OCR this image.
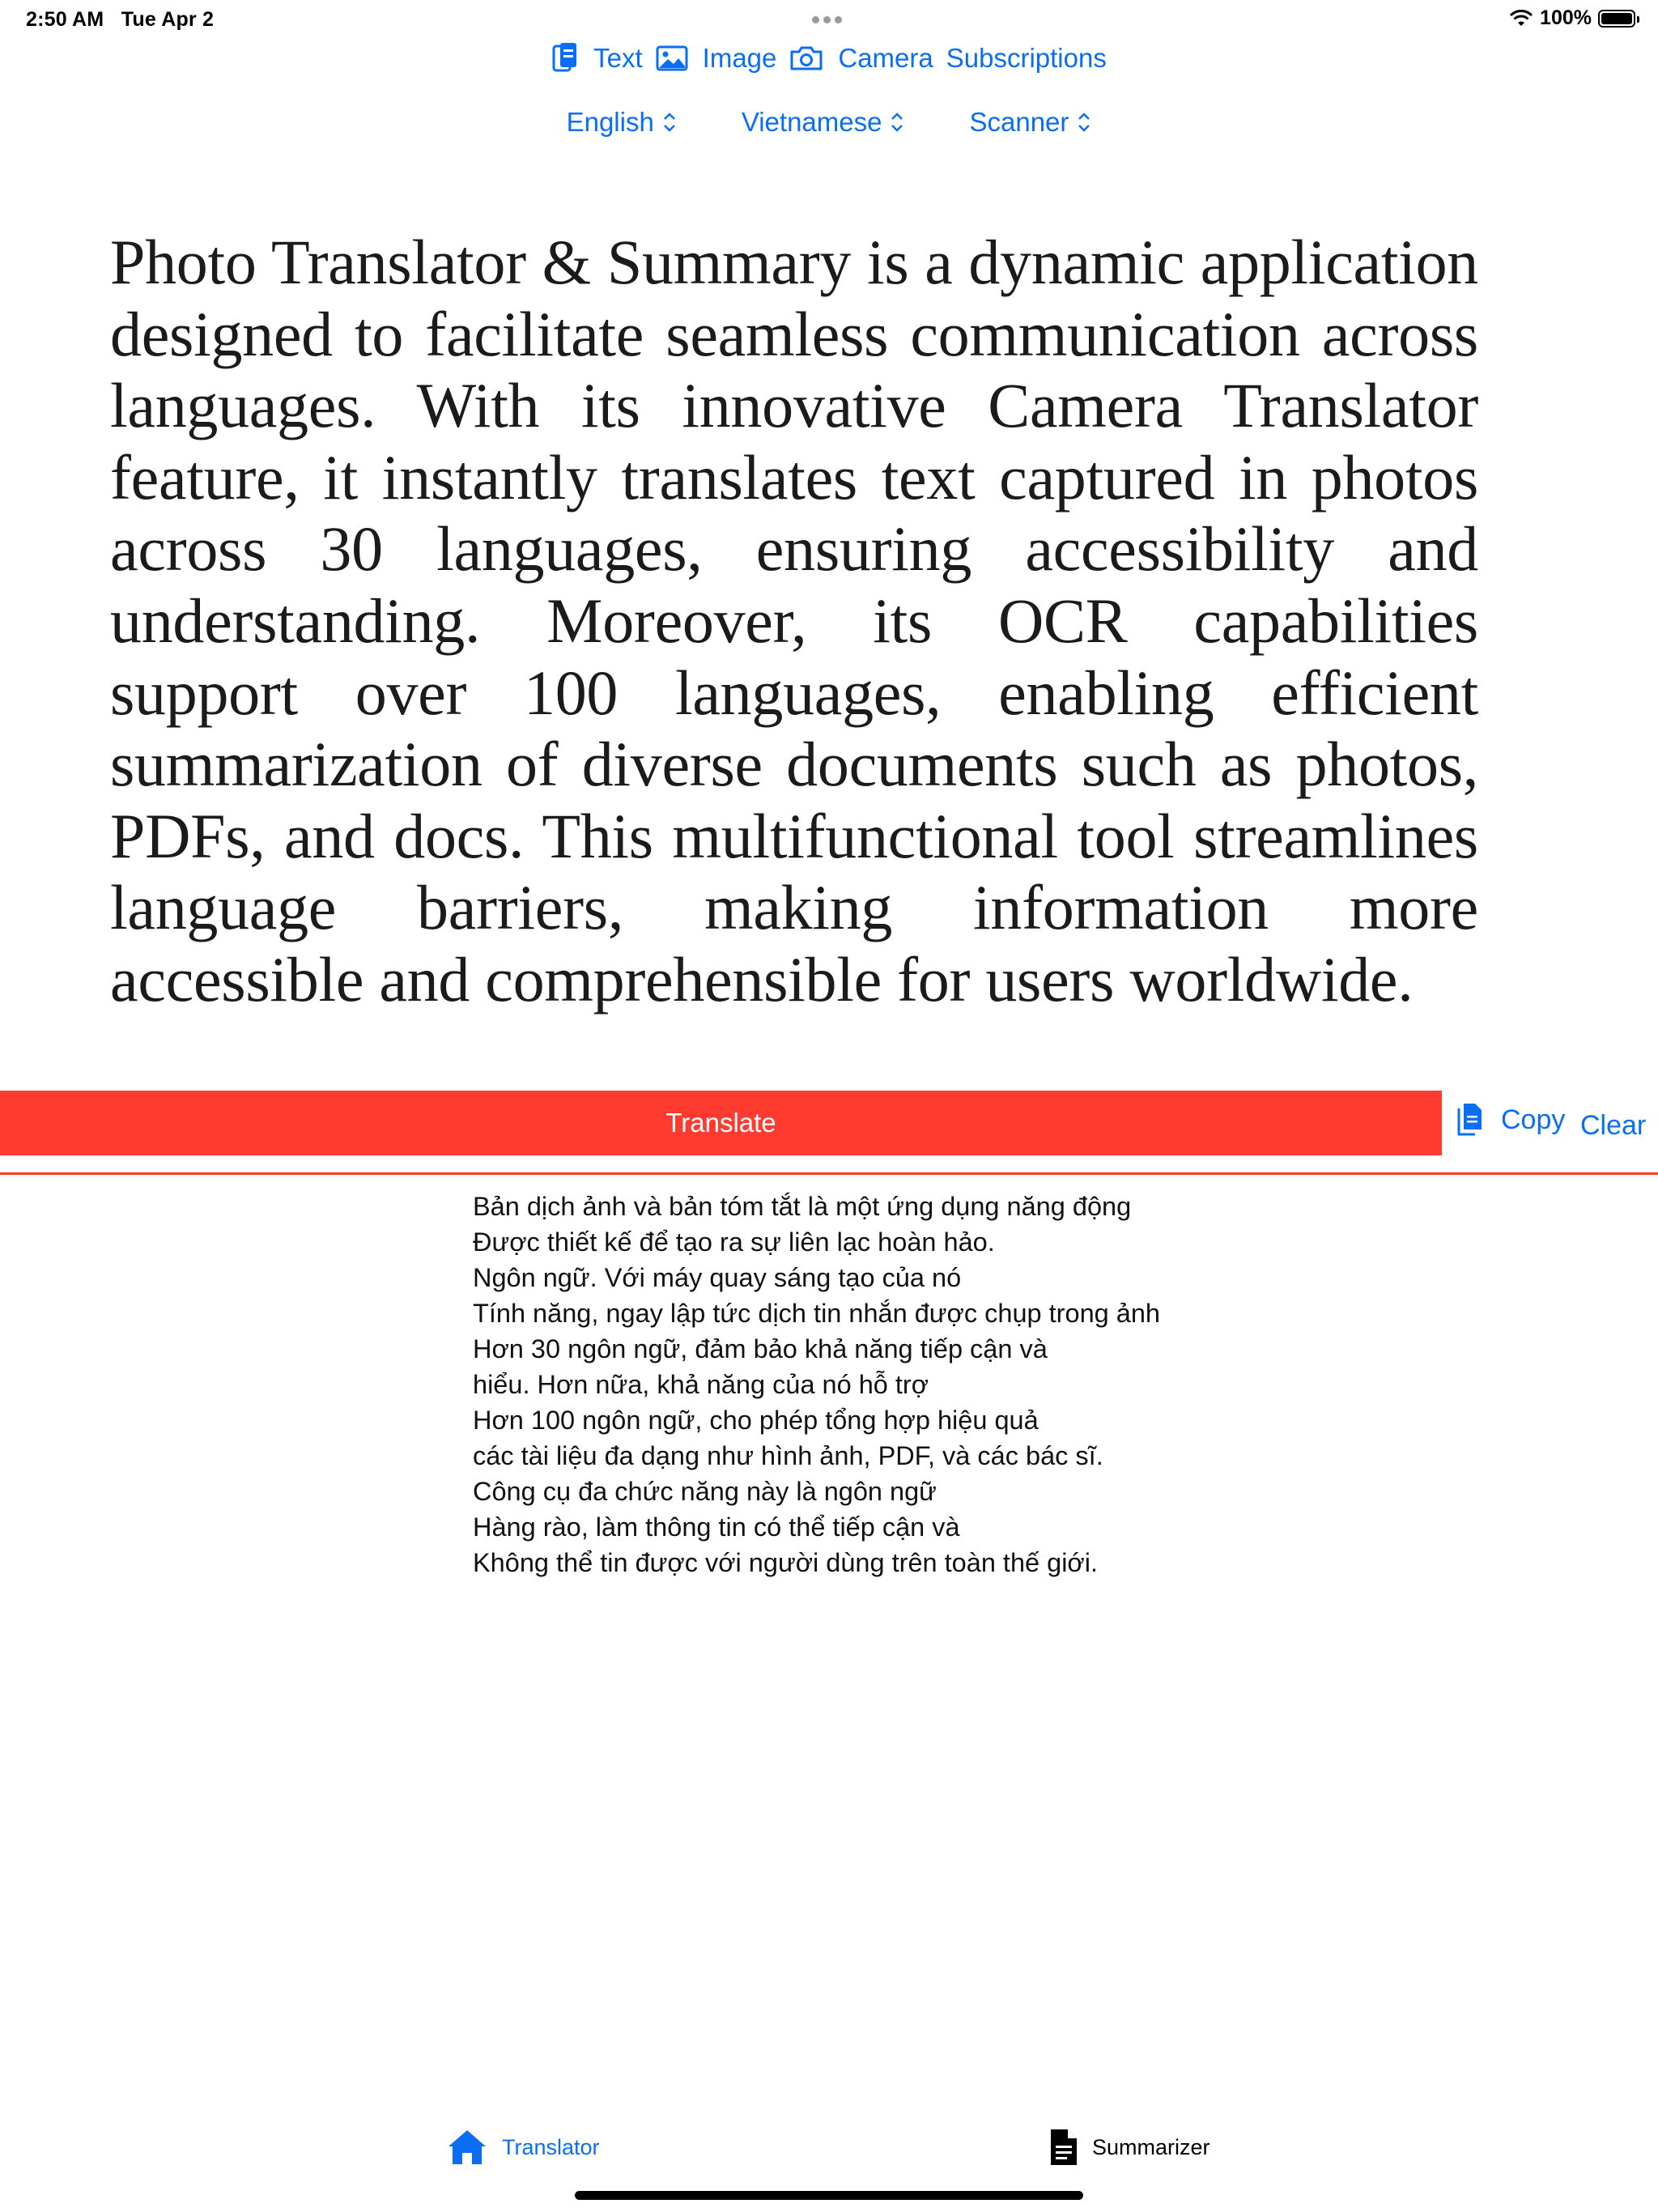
2:50 AM Tue Apr 2	100%
Text Image Camera Subscriptions
English	Vietnamese	Scanner
Photo Translator & Summary is a dynamic application designed to facilitate seamless communication across languages. With its innovative Camera Translator feature, it instantly translates text captured in photos across 30 languages, ensuring accessibility and understanding. Moreover, its OCR capabilities support over 100 languages, enabling efficient summarization of diverse documents such as photos, PDFs, and docs. This multifunctional tool streamlines language barriers, making information more accessible and comprehensible for users worldwide.
Translate	Copy Clear
Bản dịch ảnh và bản tóm tắt là một ứng dụng năng động
Được thiết kế để tạo ra sự liên lạc hoàn hảo.
Ngôn ngữ. Với máy quay sáng tạo của nó
Tính năng, ngay lập tức dịch tin nhắn được chụp trong ảnh
Hơn 30 ngôn ngữ, đảm bảo khả năng tiếp cận và
hiểu. Hơn nữa, khả năng của nó hỗ trợ
Hơn 100 ngôn ngữ, cho phép tổng hợp hiệu quả
các tài liệu đa dạng như hình ảnh, PDF, và các bác sĩ.
Công cụ đa chức năng này là ngôn ngữ
Hàng rào, làm thông tin có thể tiếp cận và
Không thể tin được với người dùng trên toàn thế giới.
Translator	Summarizer
